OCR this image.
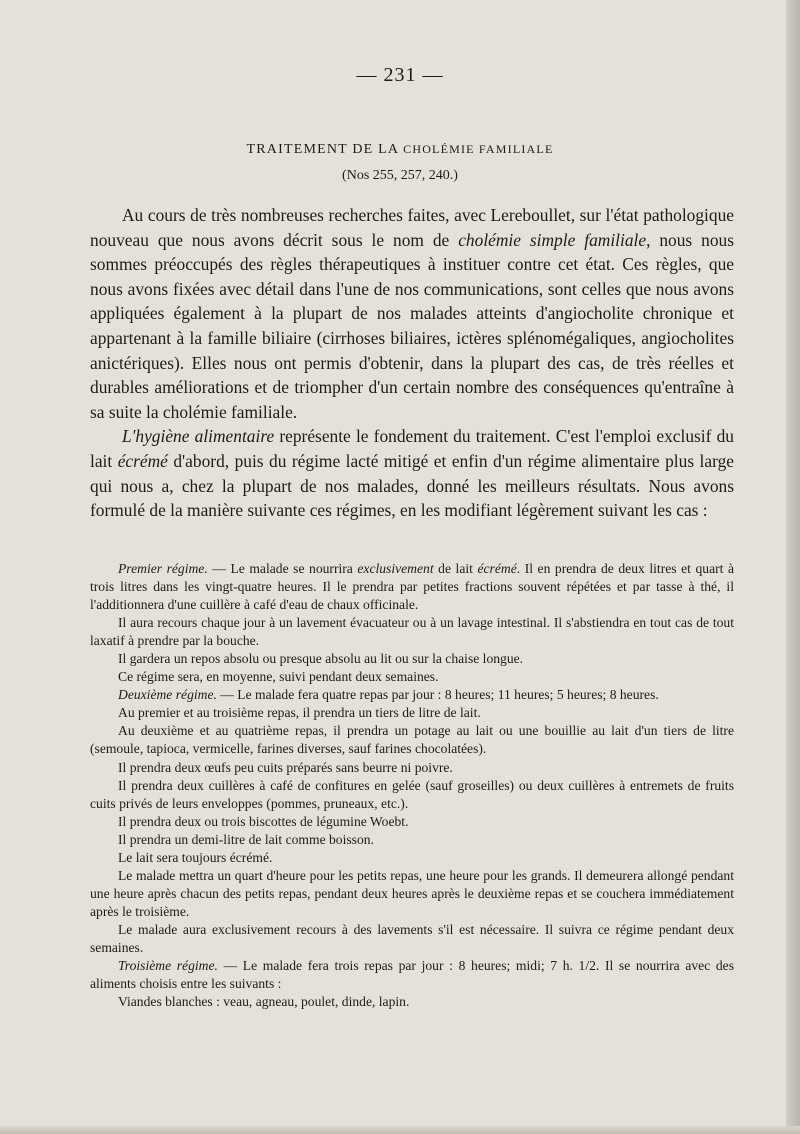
— 231 —
TRAITEMENT DE LA CHOLÉMIE FAMILIALE
(Nos 255, 257, 240.)

Au cours de très nombreuses recherches faites, avec Lereboullet, sur l'état pathologique nouveau que nous avons décrit sous le nom de cholémie simple familiale, nous nous sommes préoccupés des règles thérapeutiques à instituer contre cet état. Ces règles, que nous avons fixées avec détail dans l'une de nos communications, sont celles que nous avons appliquées également à la plupart de nos malades atteints d'angiocholite chronique et appartenant à la famille biliaire (cirrhoses biliaires, ictères splénomégaliques, angiocholites anictériques). Elles nous ont permis d'obtenir, dans la plupart des cas, de très réelles et durables améliorations et de triompher d'un certain nombre des conséquences qu'entraîne à sa suite la cholémie familiale.

L'hygiène alimentaire représente le fondement du traitement. C'est l'emploi exclusif du lait écrémé d'abord, puis du régime lacté mitigé et enfin d'un régime alimentaire plus large qui nous a, chez la plupart de nos malades, donné les meilleurs résultats. Nous avons formulé de la manière suivante ces régimes, en les modifiant légèrement suivant les cas :

Premier régime. — Le malade se nourrira exclusivement de lait écrémé. Il en prendra de deux litres et quart à trois litres dans les vingt-quatre heures. Il le prendra par petites fractions souvent répétées et par tasse à thé, il l'additionnera d'une cuillère à café d'eau de chaux officinale.

Il aura recours chaque jour à un lavement évacuateur ou à un lavage intestinal. Il s'abstiendra en tout cas de tout laxatif à prendre par la bouche.

Il gardera un repos absolu ou presque absolu au lit ou sur la chaise longue.

Ce régime sera, en moyenne, suivi pendant deux semaines.

Deuxième régime. — Le malade fera quatre repas par jour : 8 heures; 11 heures; 5 heures; 8 heures.

Au premier et au troisième repas, il prendra un tiers de litre de lait.

Au deuxième et au quatrième repas, il prendra un potage au lait ou une bouillie au lait d'un tiers de litre (semoule, tapioca, vermicelle, farines diverses, sauf farines chocolatées).

Il prendra deux œufs peu cuits préparés sans beurre ni poivre.

Il prendra deux cuillères à café de confitures en gelée (sauf groseilles) ou deux cuillères à entremets de fruits cuits privés de leurs enveloppes (pommes, pruneaux, etc.).

Il prendra deux ou trois biscottes de légumine Woebt.

Il prendra un demi-litre de lait comme boisson.

Le lait sera toujours écrémé.

Le malade mettra un quart d'heure pour les petits repas, une heure pour les grands. Il demeurera allongé pendant une heure après chacun des petits repas, pendant deux heures après le deuxième repas et se couchera immédiatement après le troisième.

Le malade aura exclusivement recours à des lavements s'il est nécessaire. Il suivra ce régime pendant deux semaines.

Troisième régime. — Le malade fera trois repas par jour : 8 heures; midi; 7 h. 1/2. Il se nourrira avec des aliments choisis entre les suivants :

Viandes blanches : veau, agneau, poulet, dinde, lapin.
